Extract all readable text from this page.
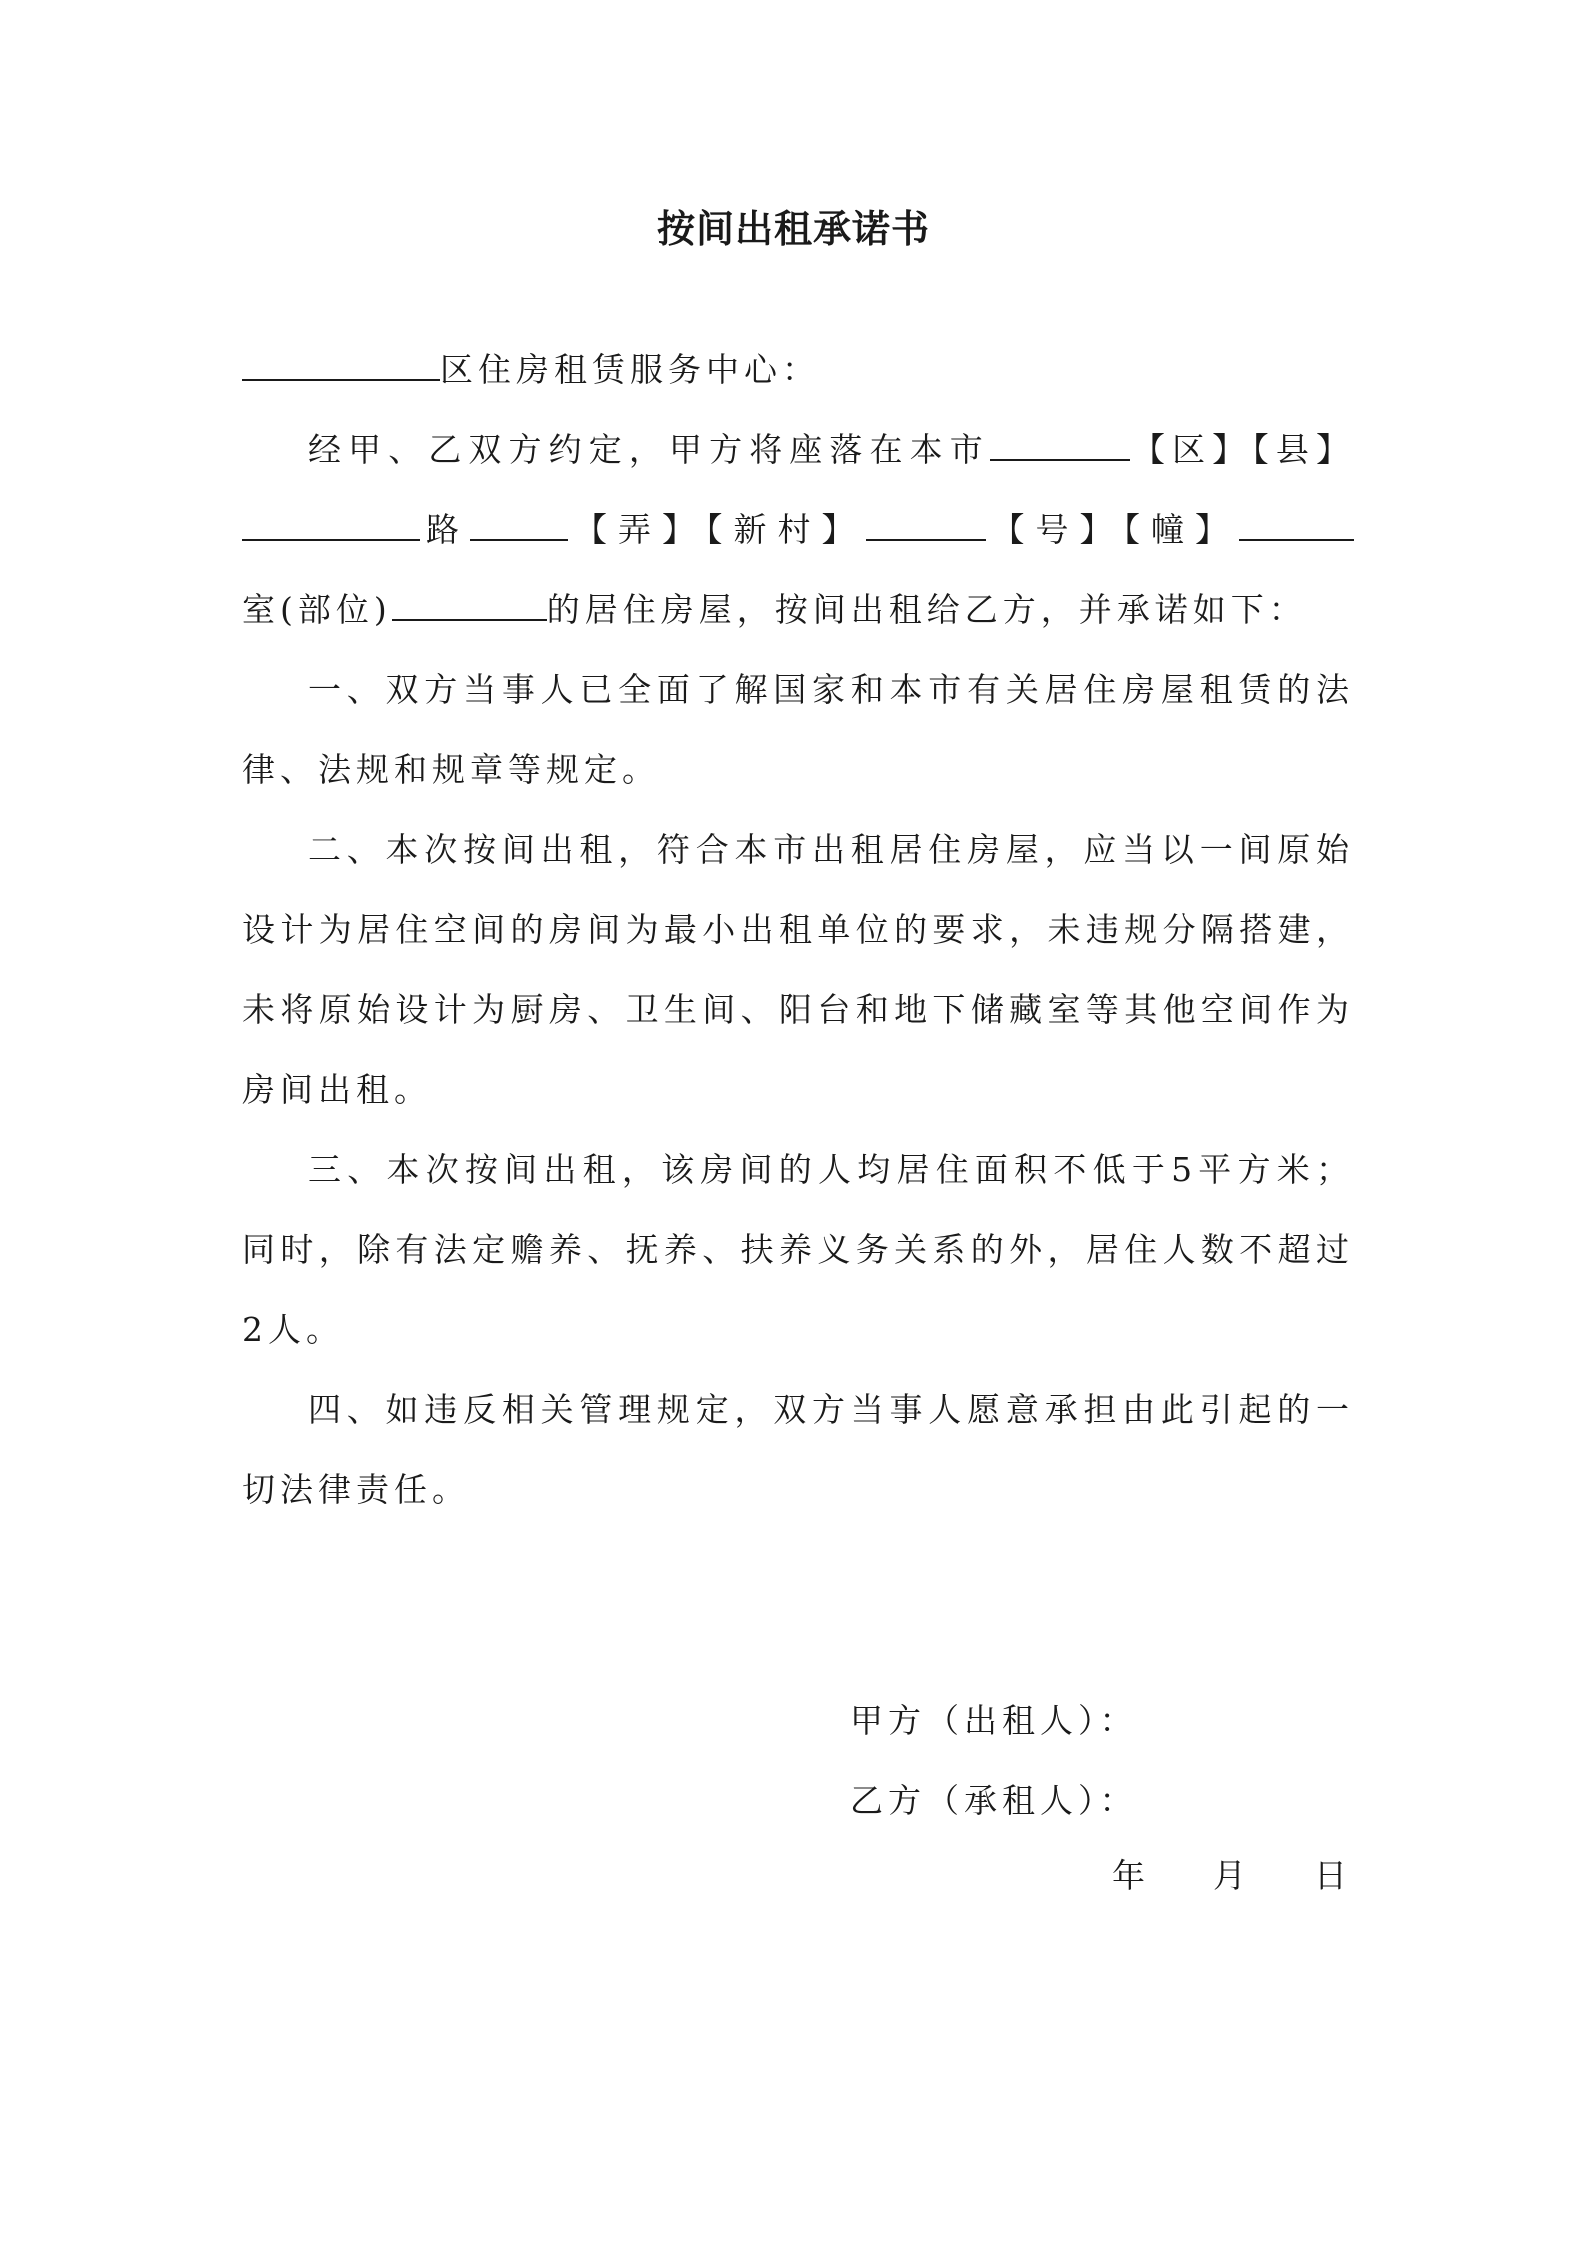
按间出租承诺书
区住房租赁服务中心：
经甲、乙双方约定，甲方将座落在本市	【区】【县】
路	【弄】【新村】	【号】【幢】
室(部位)	的居住房屋，按间出租给乙方，并承诺如下：

一、双方当事人已全面了解国家和本市有关居住房屋租赁的法律、法规和规章等规定。

二、本次按间出租，符合本市出租居住房屋，应当以一间原始设计为居住空间的房间为最小出租单位的要求，未违规分隔搭建，未将原始设计为厨房、卫生间、阳台和地下储藏室等其他空间作为房间出租。

三、本次按间出租，该房间的人均居住面积不低于5平方米；同时，除有法定赡养、抚养、扶养义务关系的外，居住人数不超过2人。

四、如违反相关管理规定，双方当事人愿意承担由此引起的一切法律责任。

甲方（出租人）：
乙方（承租人）：
年 月 日
